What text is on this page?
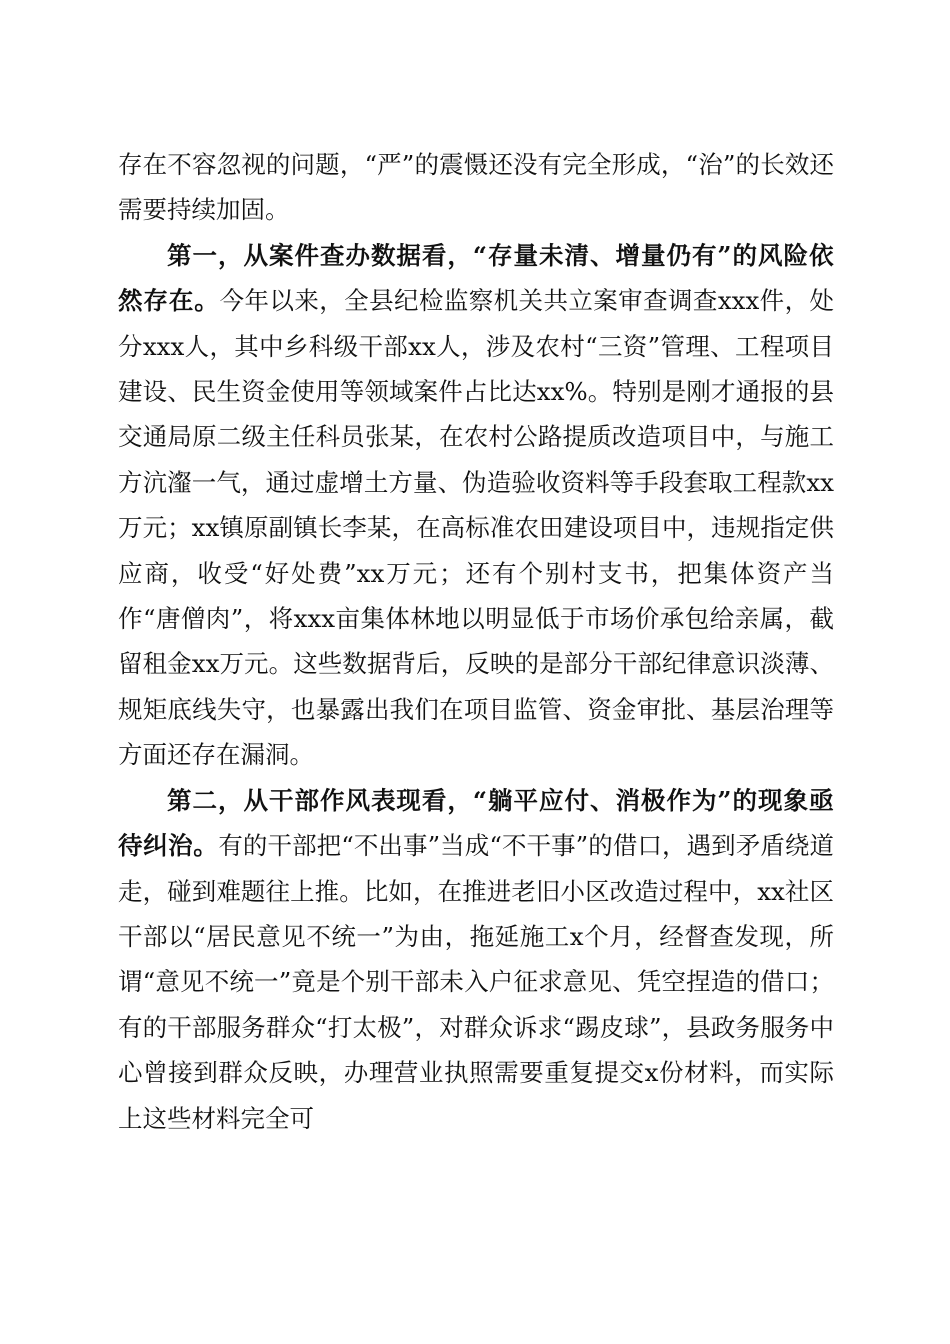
存在不容忽视的问题，“严”的震慑还没有完全形成，“治”的长效还需要持续加固。

第一，从案件查办数据看，“存量未清、增量仍有”的风险依然存在。今年以来，全县纪检监察机关共立案审查调查xxx件，处分xxx人，其中乡科级干部xx人，涉及农村“三资”管理、工程项目建设、民生资金使用等领域案件占比达xx%。特别是刚才通报的县交通局原二级主任科员张某，在农村公路提质改造项目中，与施工方沆瀣一气，通过虚增土方量、伪造验收资料等手段套取工程款xx万元；xx镇原副镇长李某，在高标准农田建设项目中，违规指定供应商，收受“好处费”xx万元；还有个别村支书，把集体资产当作“唐僧肉”，将xxx亩集体林地以明显低于市场价承包给亲属，截留租金xx万元。这些数据背后，反映的是部分干部纪律意识淡薄、规矩底线失守，也暴露出我们在项目监管、资金审批、基层治理等方面还存在漏洞。

第二，从干部作风表现看，“躺平应付、消极作为”的现象亟待纠治。有的干部把“不出事”当成“不干事”的借口，遇到矛盾绕道走，碰到难题往上推。比如，在推进老旧小区改造过程中，xx社区干部以“居民意见不统一”为由，拖延施工x个月，经督查发现，所谓“意见不统一”竟是个别干部未入户征求意见、凭空捏造的借口；有的干部服务群众“打太极”，对群众诉求“踢皮球”，县政务服务中心曾接到群众反映，办理营业执照需要重复提交x份材料，而实际上这些材料完全可
